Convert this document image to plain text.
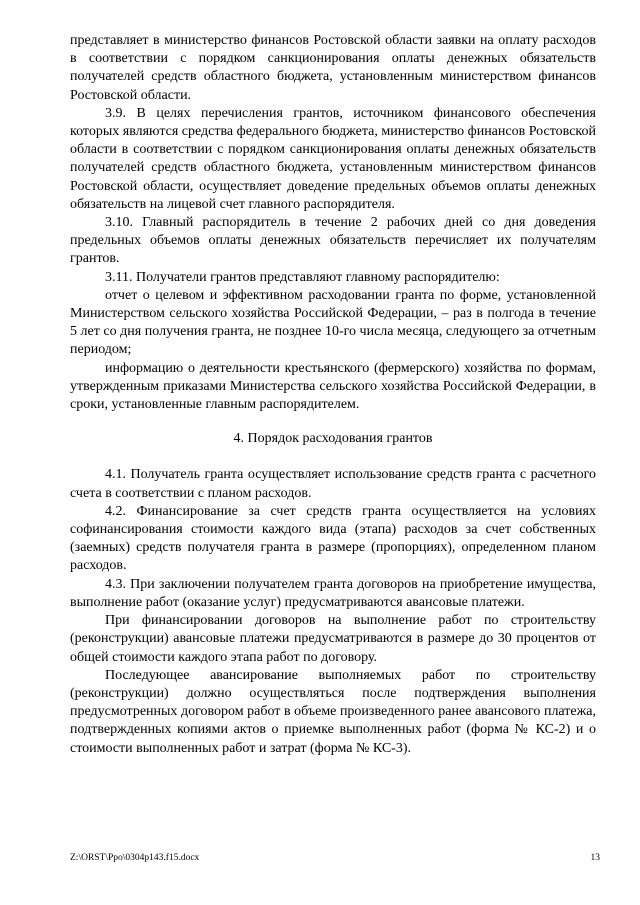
представляет в министерство финансов Ростовской области заявки на оплату расходов в соответствии с порядком санкционирования оплаты денежных обязательств получателей средств областного бюджета, установленным министерством финансов Ростовской области.

3.9. В целях перечисления грантов, источником финансового обеспечения которых являются средства федерального бюджета, министерство финансов Ростовской области в соответствии с порядком санкционирования оплаты денежных обязательств получателей средств областного бюджета, установленным министерством финансов Ростовской области, осуществляет доведение предельных объемов оплаты денежных обязательств на лицевой счет главного распорядителя.

3.10. Главный распорядитель в течение 2 рабочих дней со дня доведения предельных объемов оплаты денежных обязательств перечисляет их получателям грантов.

3.11. Получатели грантов представляют главному распорядителю:

отчет о целевом и эффективном расходовании гранта по форме, установленной Министерством сельского хозяйства Российской Федерации, – раз в полгода в течение 5 лет со дня получения гранта, не позднее 10-го числа месяца, следующего за отчетным периодом;

информацию о деятельности крестьянского (фермерского) хозяйства по формам, утвержденным приказами Министерства сельского хозяйства Российской Федерации, в сроки, установленные главным распорядителем.

4. Порядок расходования грантов

4.1. Получатель гранта осуществляет использование средств гранта с расчетного счета в соответствии с планом расходов.

4.2. Финансирование за счет средств гранта осуществляется на условиях софинансирования стоимости каждого вида (этапа) расходов за счет собственных (заемных) средств получателя гранта в размере (пропорциях), определенном планом расходов.

4.3. При заключении получателем гранта договоров на приобретение имущества, выполнение работ (оказание услуг) предусматриваются авансовые платежи.

При финансировании договоров на выполнение работ по строительству (реконструкции) авансовые платежи предусматриваются в размере до 30 процентов от общей стоимости каждого этапа работ по договору.

Последующее авансирование выполняемых работ по строительству (реконструкции) должно осуществляться после подтверждения выполнения предусмотренных договором работ в объеме произведенного ранее авансового платежа, подтвержденных копиями актов о приемке выполненных работ (форма № КС-2) и о стоимости выполненных работ и затрат (форма № КС-3).

Z:\ORST\Ppo\0304p143.f15.docx	13
